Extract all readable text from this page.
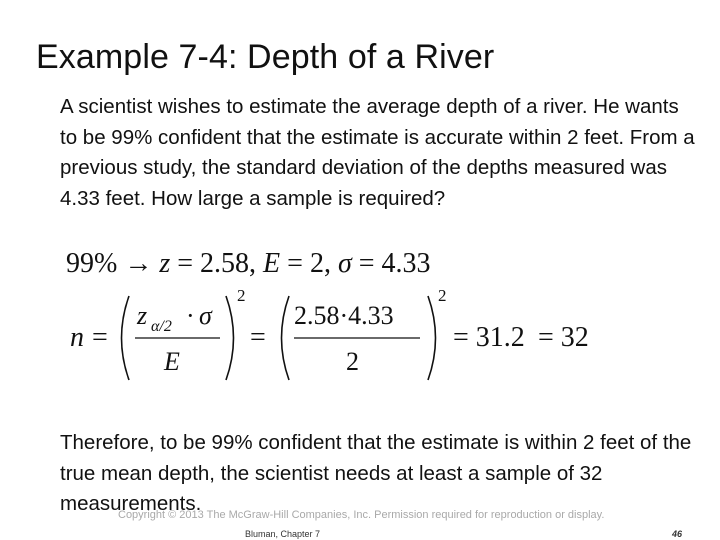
Example 7-4: Depth of a River

A scientist wishes to estimate the average depth of a river. He wants to be 99% confident that the estimate is accurate within 2 feet. From a previous study, the standard deviation of the depths measured was 4.33 feet. How large a sample is required?

99% → z = 2.58, E = 2, σ = 4.33
n =
z α/2 · σ
E
2
=
2.58·4.33
2
2
= 31.2 = 32

Therefore, to be 99% confident that the estimate is within 2 feet of the true mean depth, the scientist needs at least a sample of 32 measurements.

Copyright © 2013 The McGraw-Hill Companies, Inc. Permission required for reproduction or display.
Bluman, Chapter 7	46
